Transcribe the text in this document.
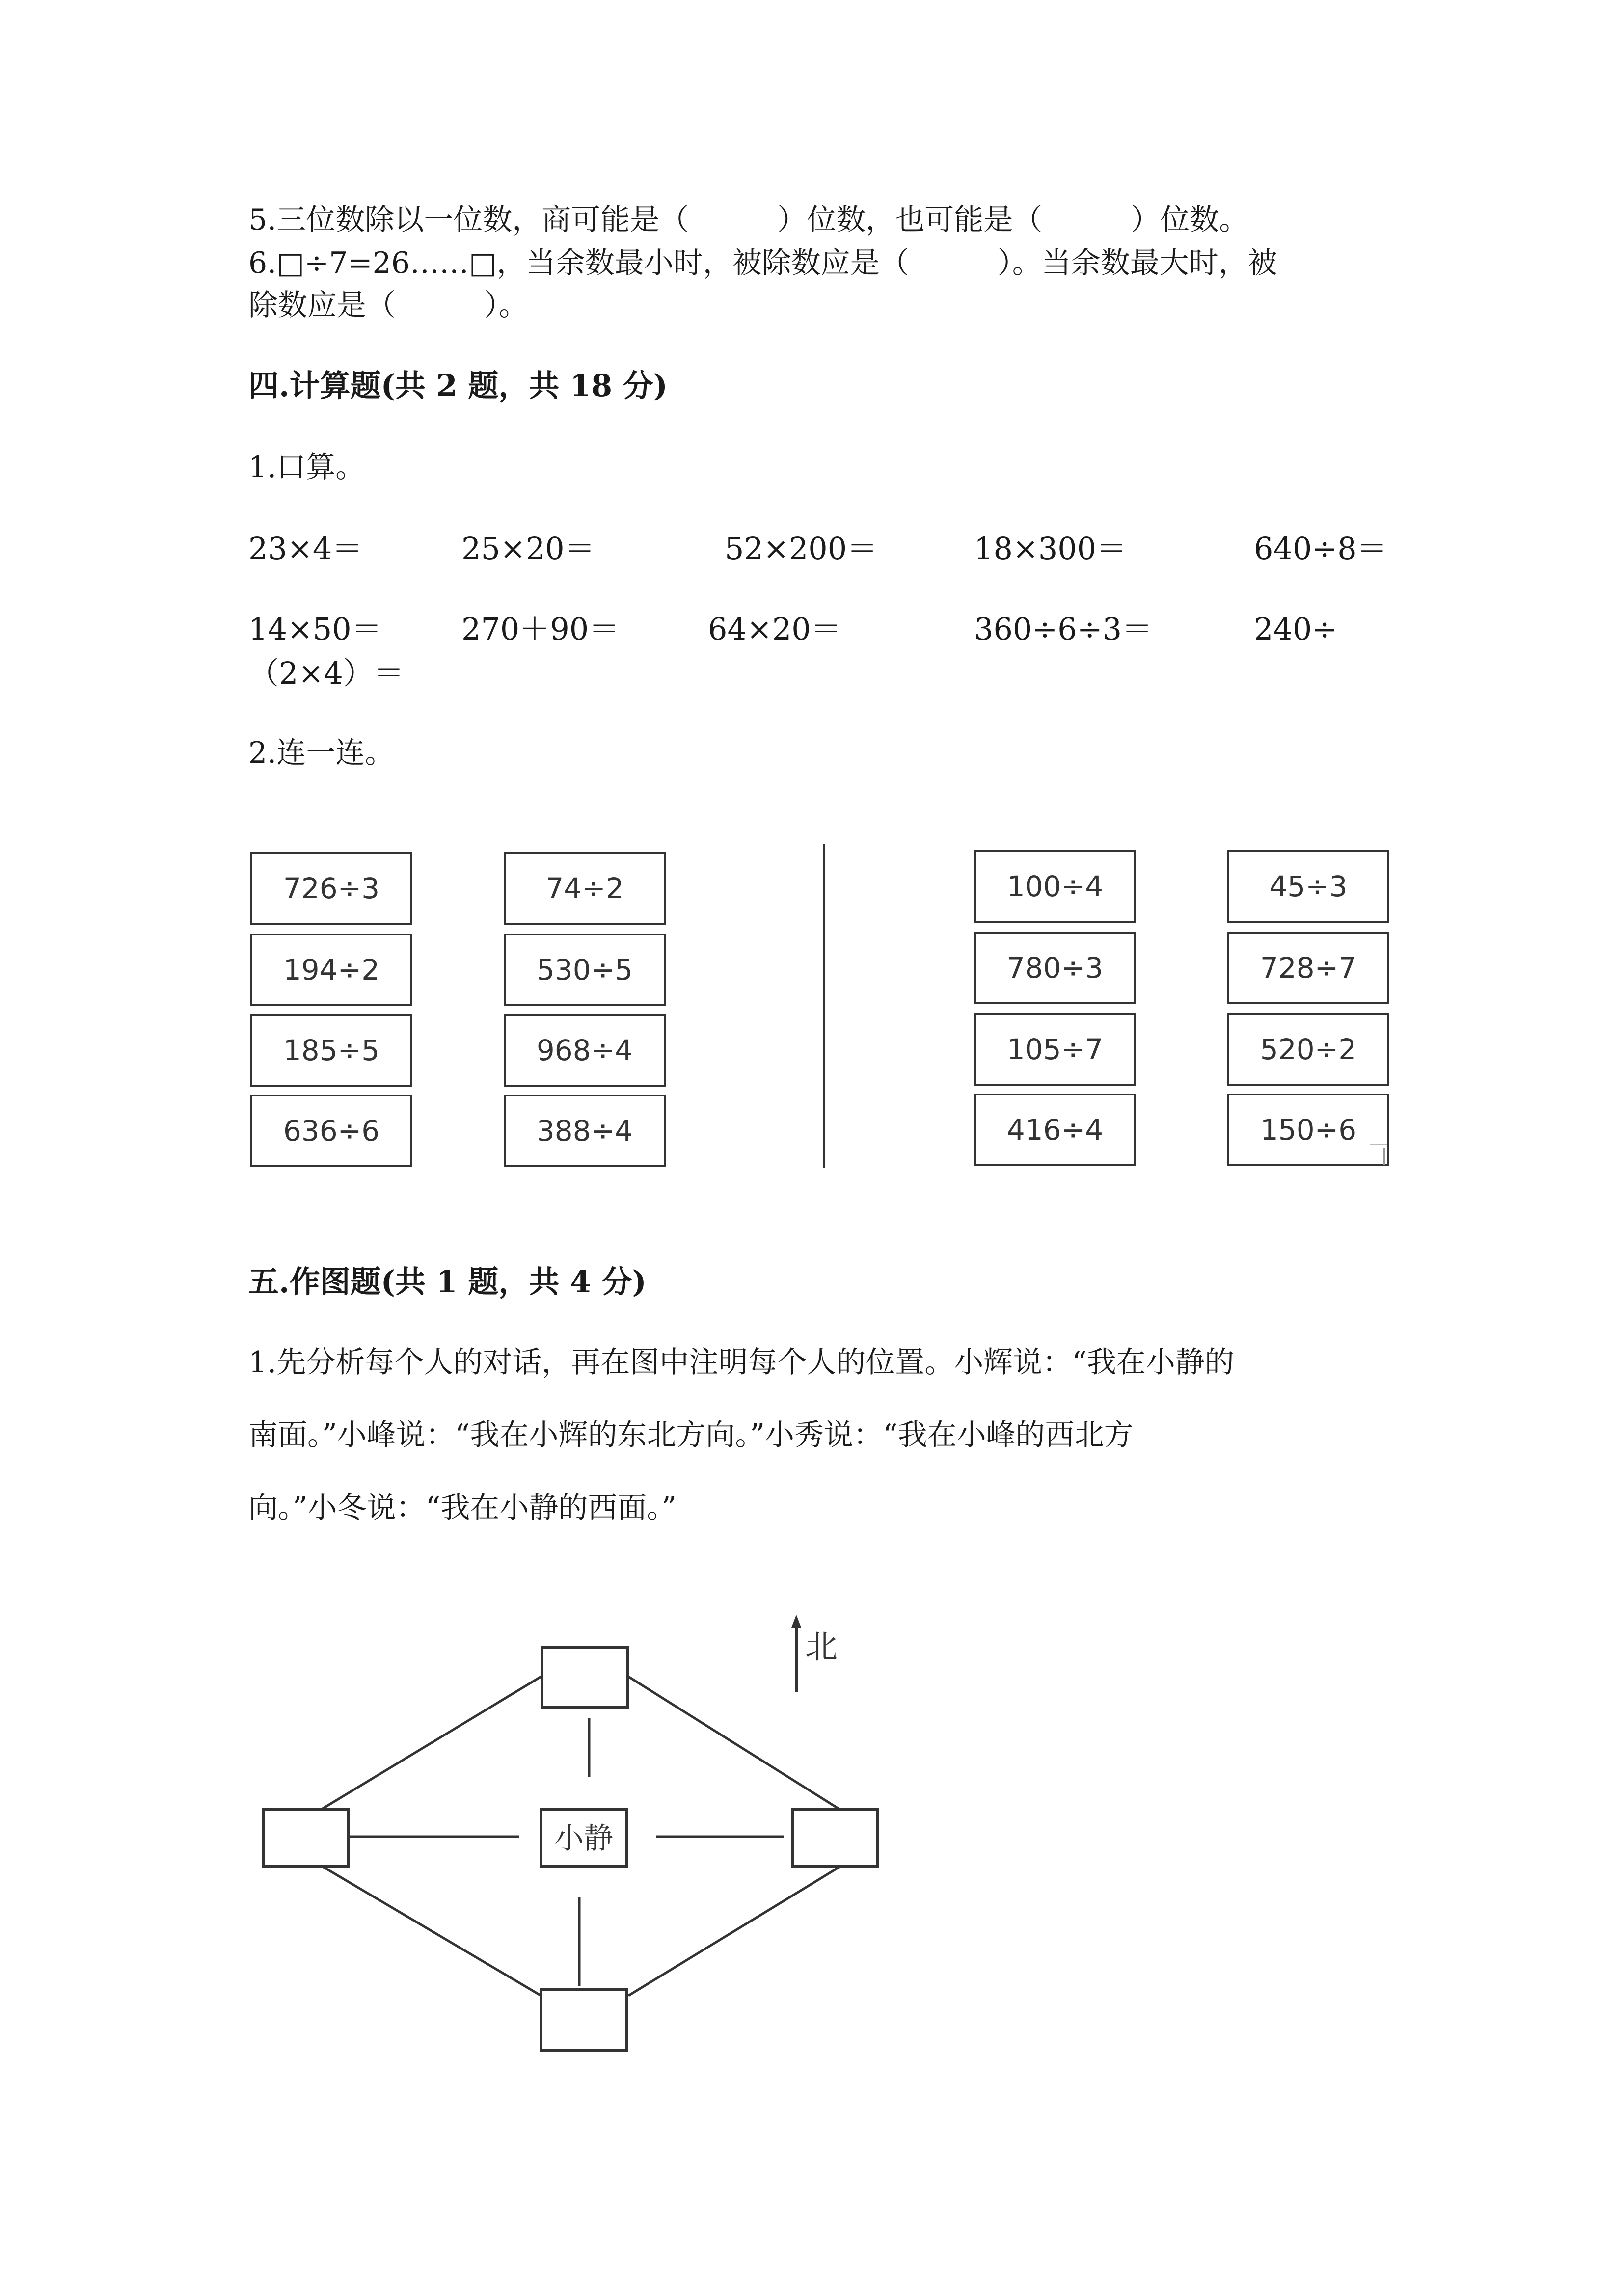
5.三位数除以一位数，商可能是（　　　）位数，也可能是（　　　）位数。
6.□÷7=26……□，当余数最小时，被除数应是（　　　）。当余数最大时，被
除数应是（　　　）。
四.计算题(共 2 题，共 18 分)
1.口算。
23×4＝	25×20＝	52×200＝	18×300＝	640÷8＝
14×50＝	270＋90＝	64×20＝	360÷6÷3＝	240÷
（2×4）＝
2.连一连。
726÷3
194÷2
185÷5
636÷6
74÷2
530÷5
968÷4
388÷4
100÷4
780÷3
105÷7
416÷4
45÷3
728÷7
520÷2
150÷6
五.作图题(共 1 题，共 4 分)
1.先分析每个人的对话，再在图中注明每个人的位置。小辉说：“我在小静的
南面。”小峰说：“我在小辉的东北方向。”小秀说：“我在小峰的西北方
向。”小冬说：“我在小静的西面。”
小静
北
